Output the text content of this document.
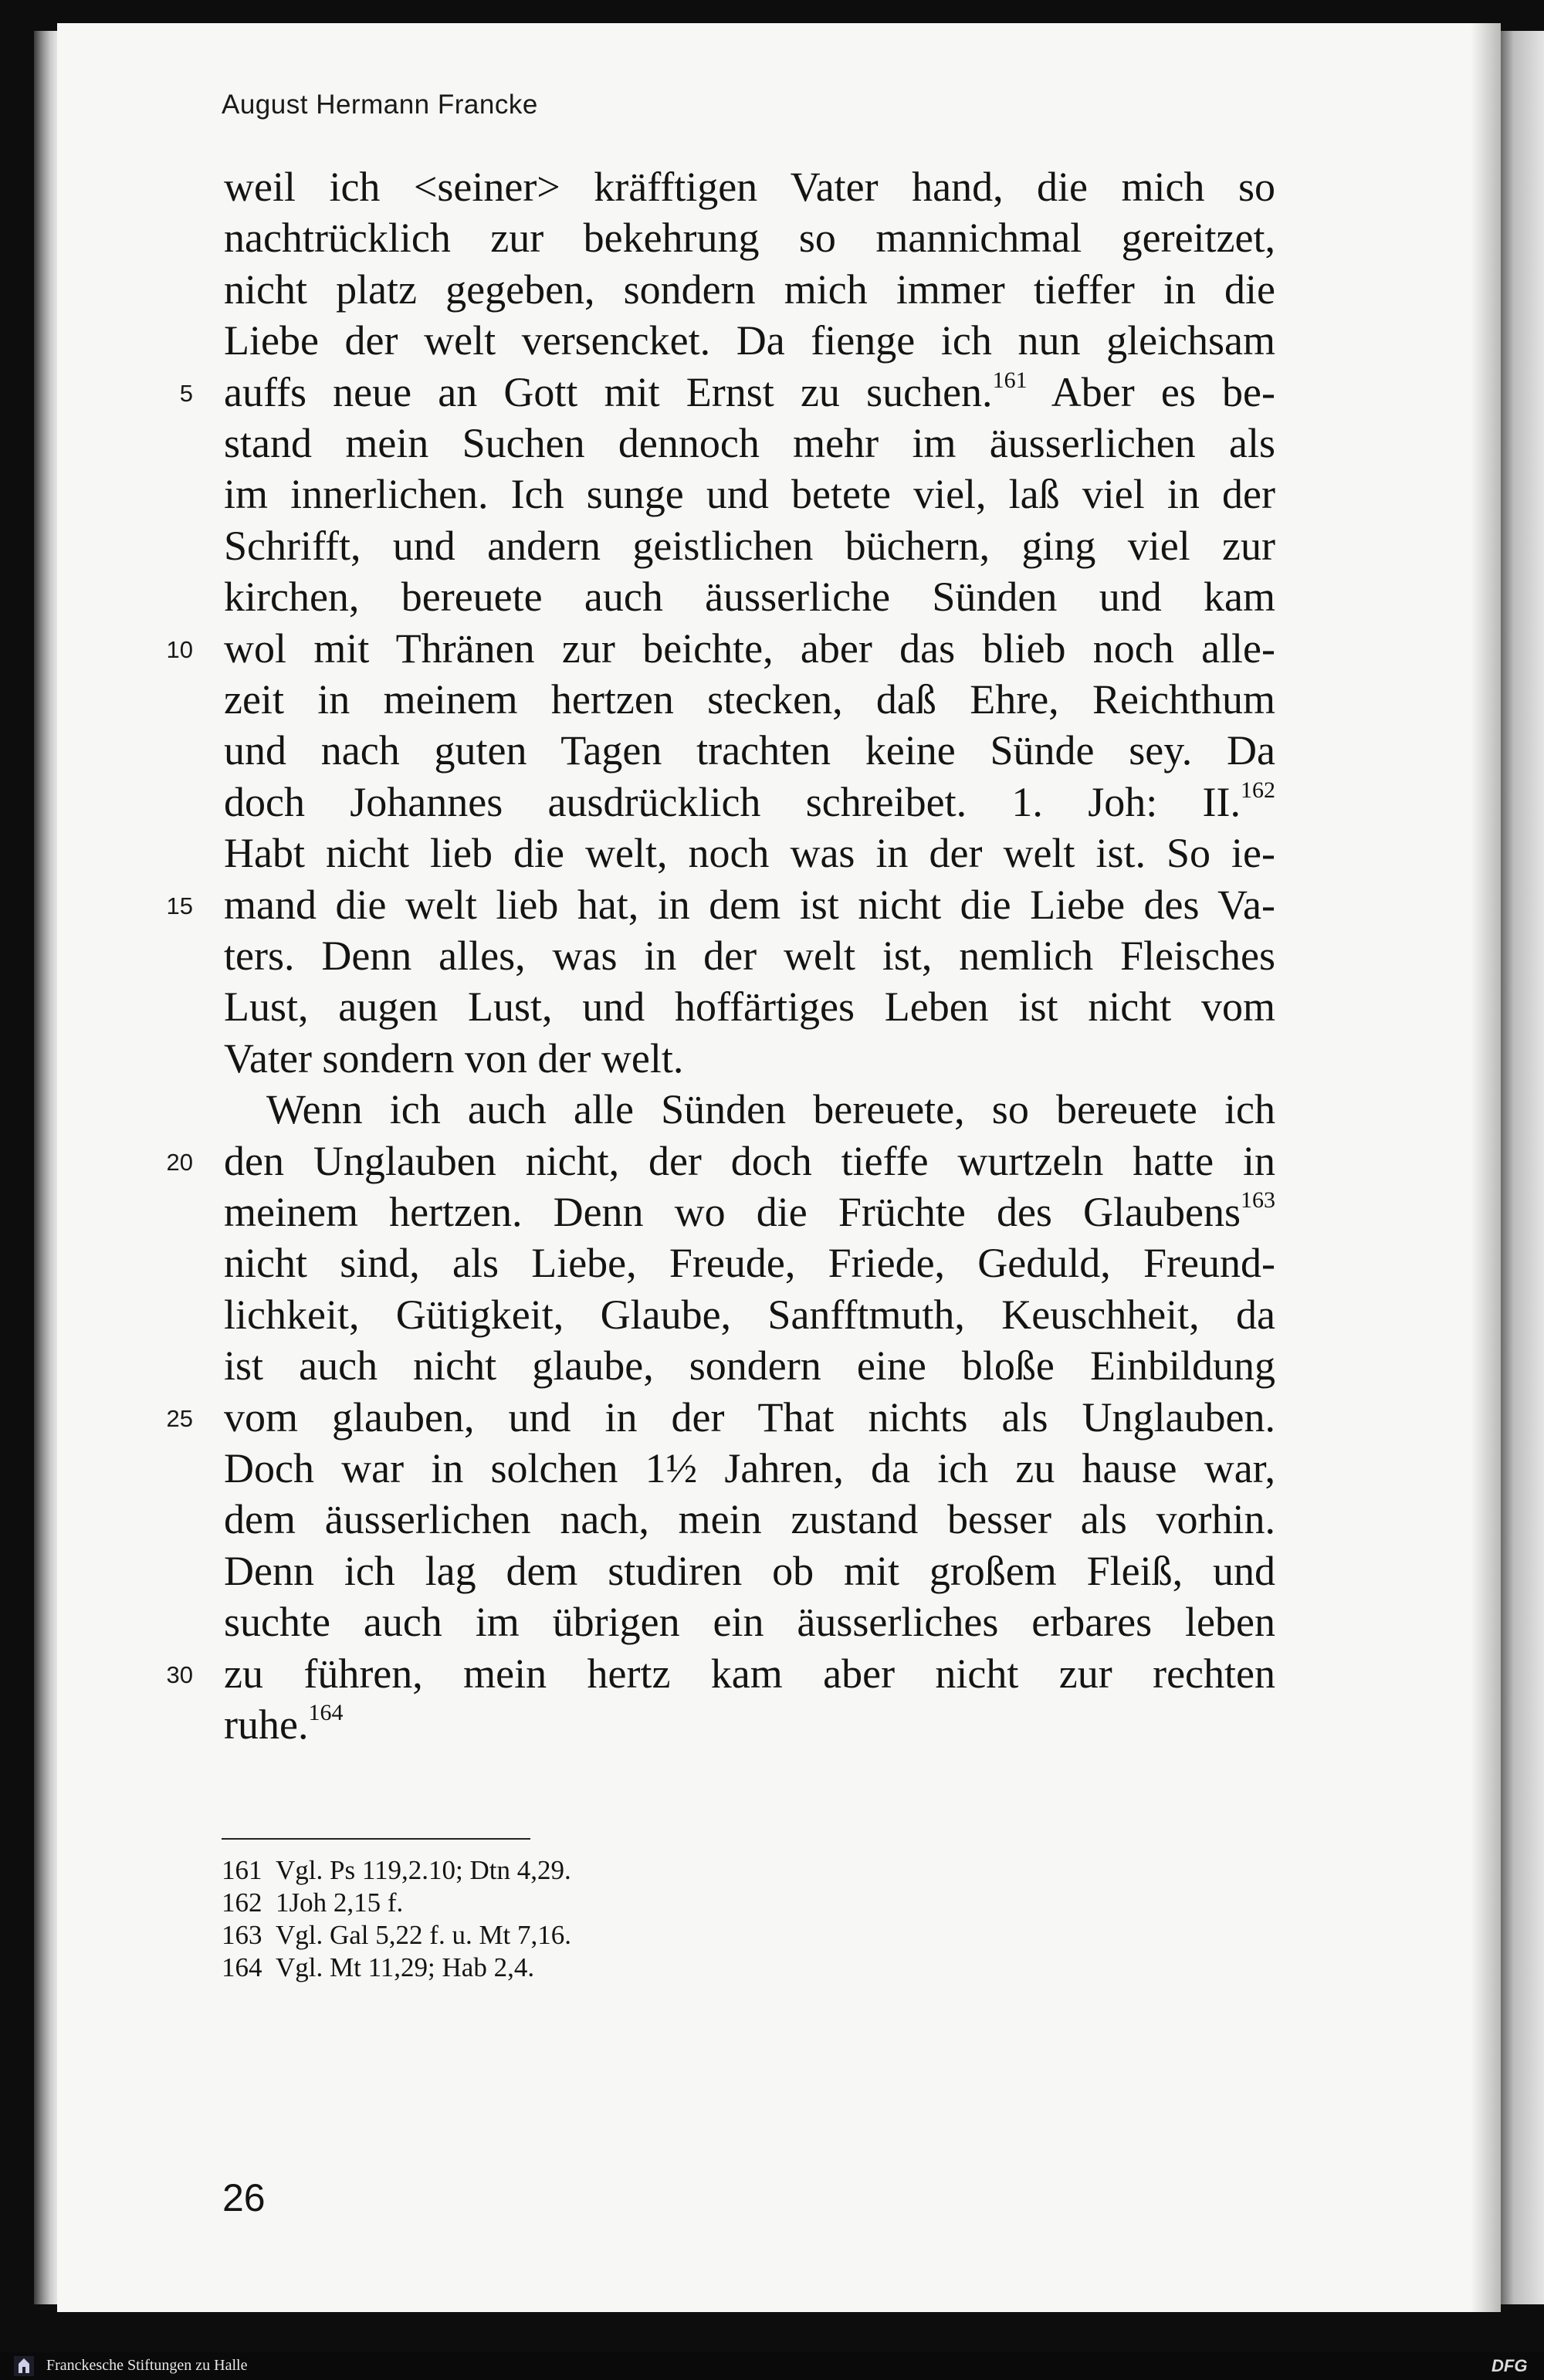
August Hermann Francke
weil ich <seiner> kräfftigen Vater hand, die mich so
nachtrücklich zur bekehrung so mannichmal gereitzet,
nicht platz gegeben, sondern mich immer tieffer in die
Liebe der welt versencket. Da fienge ich nun gleichsam
auffs neue an Gott mit Ernst zu suchen.$^{161}$ Aber es be-
stand mein Suchen dennoch mehr im äusserlichen als
im innerlichen. Ich sunge und betete viel, laß viel in der
Schrifft, und andern geistlichen büchern, ging viel zur
kirchen, bereuete auch äusserliche Sünden und kam
wol mit Thränen zur beichte, aber das blieb noch alle-
zeit in meinem hertzen stecken, daß Ehre, Reichthum
und nach guten Tagen trachten keine Sünde sey. Da
doch Johannes ausdrücklich schreibet. 1. Joh: II.$^{162}$
Habt nicht lieb die welt, noch was in der welt ist. So ie-
mand die welt lieb hat, in dem ist nicht die Liebe des Va-
ters. Denn alles, was in der welt ist, nemlich Fleisches
Lust, augen Lust, und hoffärtiges Leben ist nicht vom
Vater sondern von der welt.
Wenn ich auch alle Sünden bereuete, so bereuete ich
den Unglauben nicht, der doch tieffe wurtzeln hatte in
meinem hertzen. Denn wo die Früchte des Glaubens$^{163}$
nicht sind, als Liebe, Freude, Friede, Geduld, Freund-
lichkeit, Gütigkeit, Glaube, Sanfftmuth, Keuschheit, da
ist auch nicht glaube, sondern eine bloße Einbildung
vom glauben, und in der That nichts als Unglauben.
Doch war in solchen 1½ Jahren, da ich zu hause war,
dem äusserlichen nach, mein zustand besser als vorhin.
Denn ich lag dem studiren ob mit großem Fleiß, und
suchte auch im übrigen ein äusserliches erbares leben
zu führen, mein hertz kam aber nicht zur rechten
ruhe.$^{164}$
5
10
15
20
25
30
161 Vgl. Ps 119,2.10; Dtn 4,29.
162 1Joh 2,15 f.
163 Vgl. Gal 5,22 f. u. Mt 7,16.
164 Vgl. Mt 11,29; Hab 2,4.
26
Franckesche Stiftungen zu Halle	DFG
